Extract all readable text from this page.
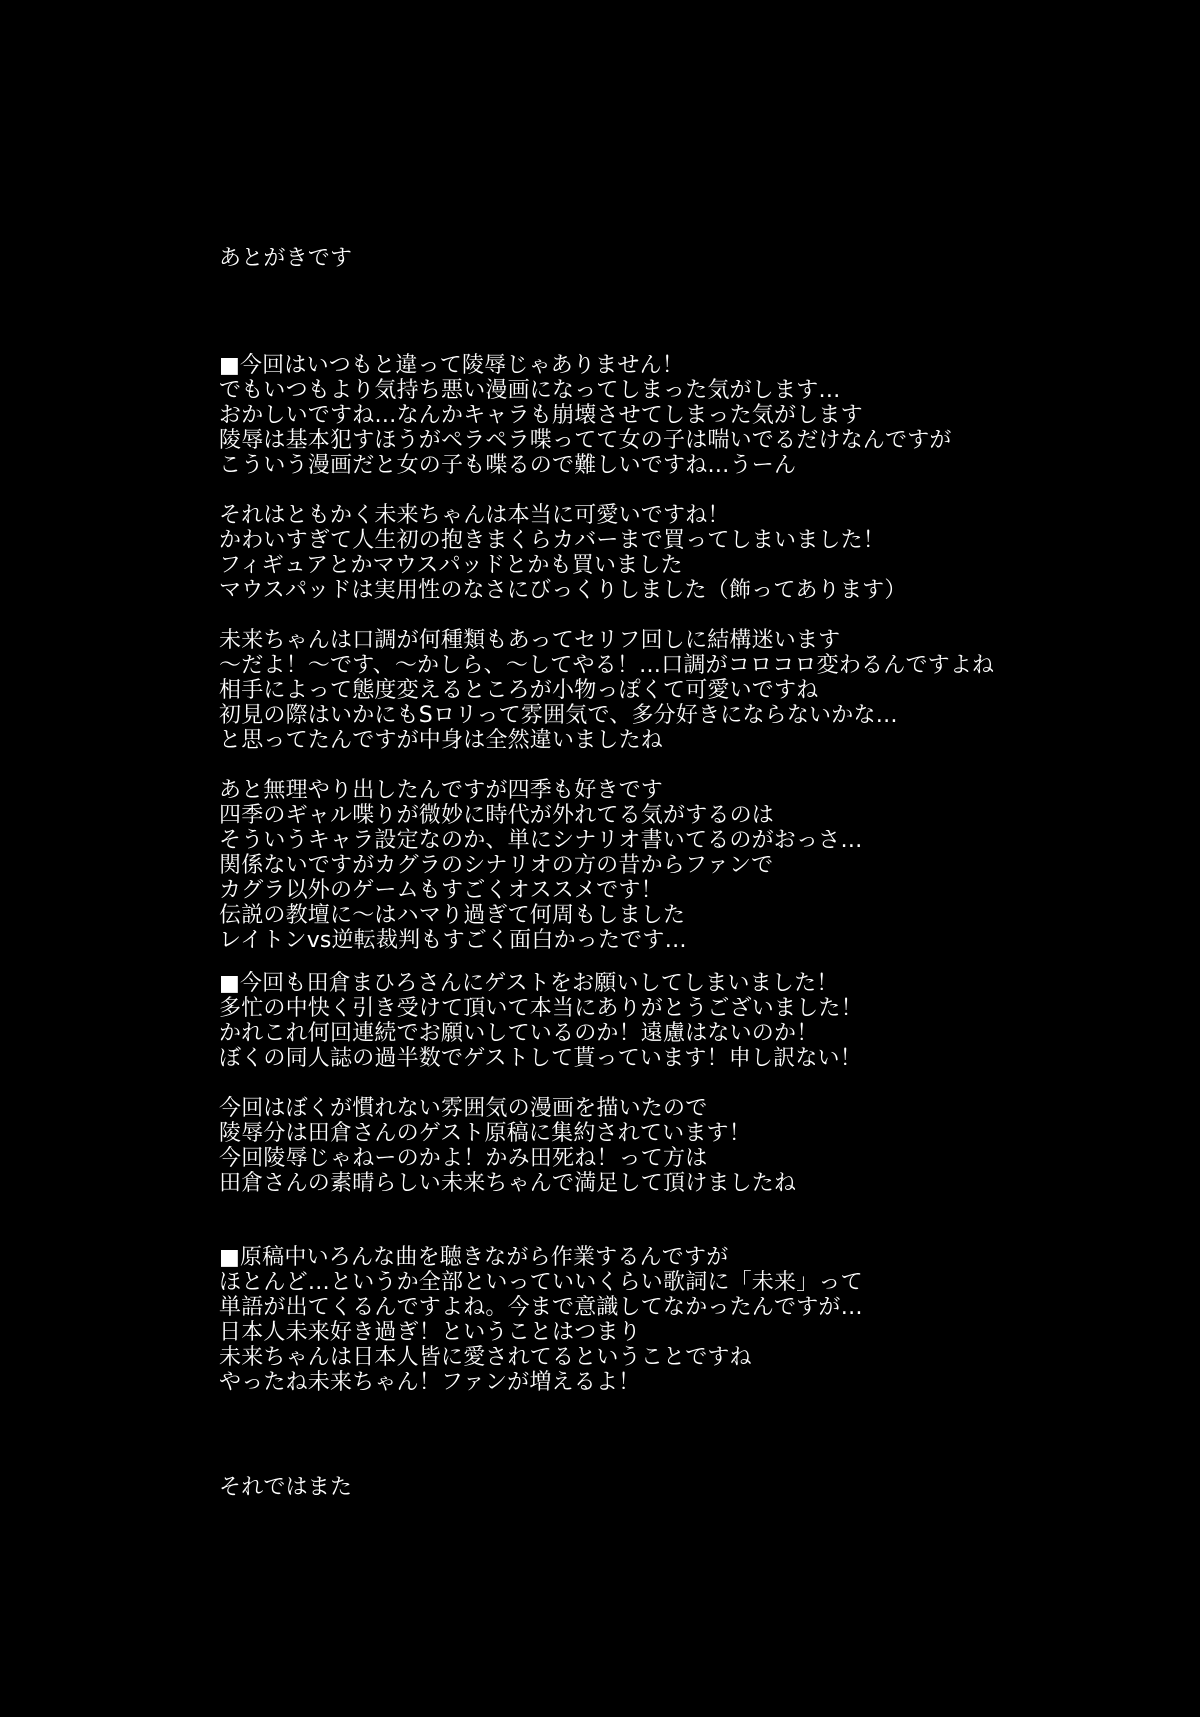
あとがきです
■今回はいつもと違って陵辱じゃありません！
でもいつもより気持ち悪い漫画になってしまった気がします…
おかしいですね…なんかキャラも崩壊させてしまった気がします
陵辱は基本犯すほうがペラペラ喋ってて女の子は喘いでるだけなんですが
こういう漫画だと女の子も喋るので難しいですね…うーん
それはともかく未来ちゃんは本当に可愛いですね！
かわいすぎて人生初の抱きまくらカバーまで買ってしまいました！
フィギュアとかマウスパッドとかも買いました
マウスパッドは実用性のなさにびっくりしました（飾ってあります）
未来ちゃんは口調が何種類もあってセリフ回しに結構迷います
～だよ！～です、～かしら、～してやる！…口調がコロコロ変わるんですよね
相手によって態度変えるところが小物っぽくて可愛いですね
初見の際はいかにもSロリって雰囲気で、多分好きにならないかな…
と思ってたんですが中身は全然違いましたね
あと無理やり出したんですが四季も好きです
四季のギャル喋りが微妙に時代が外れてる気がするのは
そういうキャラ設定なのか、単にシナリオ書いてるのがおっさ…
関係ないですがカグラのシナリオの方の昔からファンで
カグラ以外のゲームもすごくオススメです！
伝説の教壇に～はハマり過ぎて何周もしました
レイトンvs逆転裁判もすごく面白かったです…
■今回も田倉まひろさんにゲストをお願いしてしまいました！
多忙の中快く引き受けて頂いて本当にありがとうございました！
かれこれ何回連続でお願いしているのか！遠慮はないのか！
ぼくの同人誌の過半数でゲストして貰っています！申し訳ない！
今回はぼくが慣れない雰囲気の漫画を描いたので
陵辱分は田倉さんのゲスト原稿に集約されています！
今回陵辱じゃねーのかよ！かみ田死ね！って方は
田倉さんの素晴らしい未来ちゃんで満足して頂けましたね
■原稿中いろんな曲を聴きながら作業するんですが
ほとんど…というか全部といっていいくらい歌詞に「未来」って
単語が出てくるんですよね。今まで意識してなかったんですが…
日本人未来好き過ぎ！ということはつまり
未来ちゃんは日本人皆に愛されてるということですね
やったね未来ちゃん！ファンが増えるよ！
それではまた
